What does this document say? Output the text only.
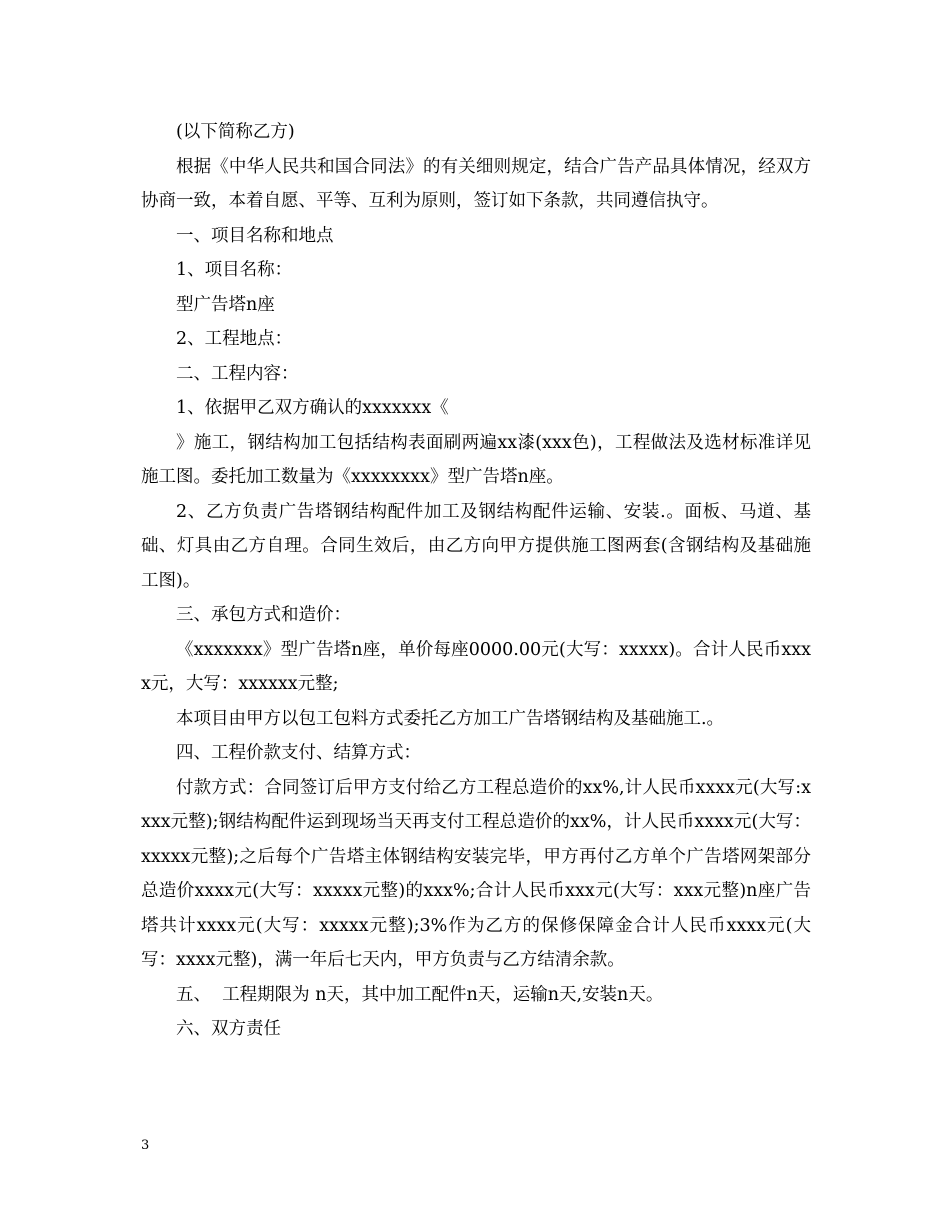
(以下简称乙方)

根据《中华人民共和国合同法》的有关细则规定，结合广告产品具体情况，经双方协商一致，本着自愿、平等、互利为原则，签订如下条款，共同遵信执守。

一、项目名称和地点

1、项目名称：

型广告塔n座

2、工程地点：

二、工程内容：

1、依据甲乙双方确认的xxxxxxx《

》施工，钢结构加工包括结构表面刷两遍xx漆(xxx色)，工程做法及选材标准详见施工图。委托加工数量为《xxxxxxxx》型广告塔n座。

2、乙方负责广告塔钢结构配件加工及钢结构配件运输、安装.。面板、马道、基础、灯具由乙方自理。合同生效后，由乙方向甲方提供施工图两套(含钢结构及基础施工图)。

三、承包方式和造价：

《xxxxxxx》型广告塔n座，单价每座0000.00元(大写：xxxxx)。合计人民币xxxx元，大写：xxxxxx元整;

本项目由甲方以包工包料方式委托乙方加工广告塔钢结构及基础施工.。

四、工程价款支付、结算方式：

付款方式：合同签订后甲方支付给乙方工程总造价的xx%,计人民币xxxx元(大写:xxxx元整);钢结构配件运到现场当天再支付工程总造价的xx%，计人民币xxxx元(大写：xxxxx元整);之后每个广告塔主体钢结构安装完毕，甲方再付乙方单个广告塔网架部分总造价xxxx元(大写：xxxxx元整)的xxx%;合计人民币xxx元(大写：xxx元整)n座广告塔共计xxxx元(大写：xxxxx元整);3%作为乙方的保修保障金合计人民币xxxx元(大写：xxxx元整)，满一年后七天内，甲方负责与乙方结清余款。

五、  工程期限为 n天，其中加工配件n天，运输n天,安装n天。

六、双方责任

3
